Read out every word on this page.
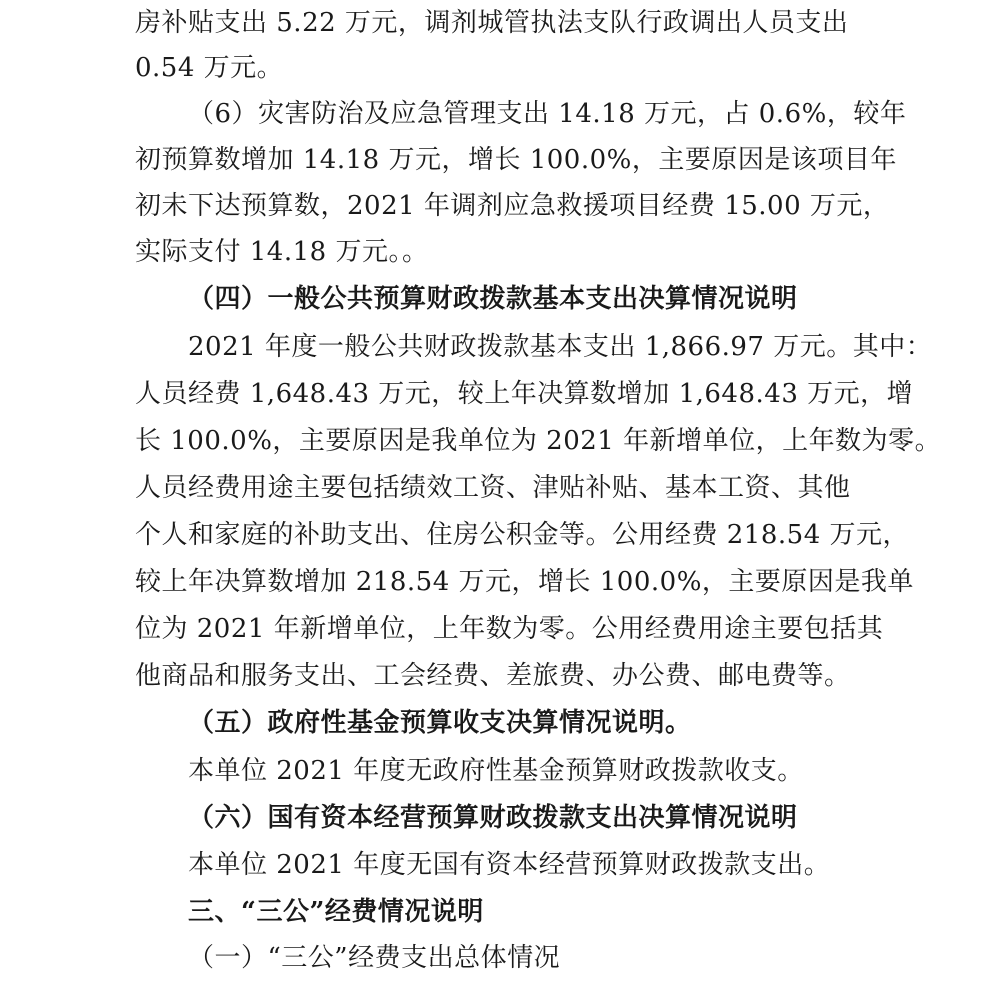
房补贴支出 5.22 万元，调剂城管执法支队行政调出人员支出
0.54 万元。
（6）灾害防治及应急管理支出 14.18 万元，占 0.6%，较年
初预算数增加 14.18 万元，增长 100.0%，主要原因是该项目年
初未下达预算数，2021 年调剂应急救援项目经费 15.00 万元，
实际支付 14.18 万元。。
（四）一般公共预算财政拨款基本支出决算情况说明
2021 年度一般公共财政拨款基本支出 1,866.97 万元。其中：
人员经费 1,648.43 万元，较上年决算数增加 1,648.43 万元，增
长 100.0%，主要原因是我单位为 2021 年新增单位，上年数为零。
人员经费用途主要包括绩效工资、津贴补贴、基本工资、其他
个人和家庭的补助支出、住房公积金等。公用经费 218.54 万元，
较上年决算数增加 218.54 万元，增长 100.0%，主要原因是我单
位为 2021 年新增单位，上年数为零。公用经费用途主要包括其
他商品和服务支出、工会经费、差旅费、办公费、邮电费等。
（五）政府性基金预算收支决算情况说明。
本单位 2021 年度无政府性基金预算财政拨款收支。
（六）国有资本经营预算财政拨款支出决算情况说明
本单位 2021 年度无国有资本经营预算财政拨款支出。
三、“三公”经费情况说明
（一）“三公”经费支出总体情况
